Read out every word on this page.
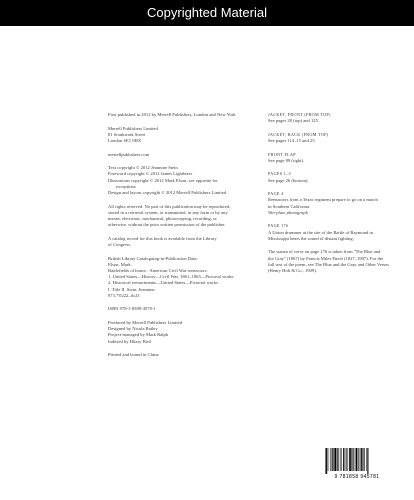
Copyrighted Material
First published in 2012 by Merrell Publishers, London and New York
Merrell Publishers Limited
81 Southwark Street
London SE1 0HX
merrellpublishers.com
Text copyright © 2012 Jeannine Stein
Foreword copyright © 2012 James Lighthizer
Illustrations copyright © 2012 Mark Elson, see opposite for
exceptions
Design and layout copyright © 2012 Merrell Publishers Limited
All rights reserved. No part of this publication may be reproduced,
stored in a retrieval system, or transmitted, in any form or by any
means, electronic, mechanical, photocopying, recording, or
otherwise, without the prior written permission of the publisher.
A catalog record for this book is available from the Library
of Congress.
British Library Cataloguing-in-Publication Data:
Elson, Mark.
Battlefields of honor : American Civil War reenactors.
1. United States—History—Civil War, 1861–1865—Pictorial works.
2. Historical reenactments—United States—Pictorial works.
I. Title II. Stein, Jeannine.
973.7'0222–dc23
ISBN 978-1-8589-4578-1
Produced by Merrell Publishers Limited
Designed by Nicola Bailey
Project-managed by Mark Ralph
Indexed by Hilary Bird
Printed and bound in China
JACKET, FRONT (FROM TOP)
See pages 28 (top) and 125.
JACKET, BACK (FROM TOP)
See pages 114–15 and 25.
FRONT FLAP
See page 89 (right).
PAGES 1–3
See page 26 (bottom).
PAGE 4
Reenactors from a Texas regiment prepare to go on a march
in Southern California.
Wet-plate photograph
PAGE 176
A Union drummer at the site of the Battle of Raymond in
Mississippi hears the sound of distant fighting.
The stanza of verse on page 176 is taken from "The Blue and
the Gray" (1867) by Francis Miles Finch (1827–1907). For the
full text of the poem, see The Blue and the Gray and Other Verses
(Henry Holt & Co., 1909).
9 781858 945781
